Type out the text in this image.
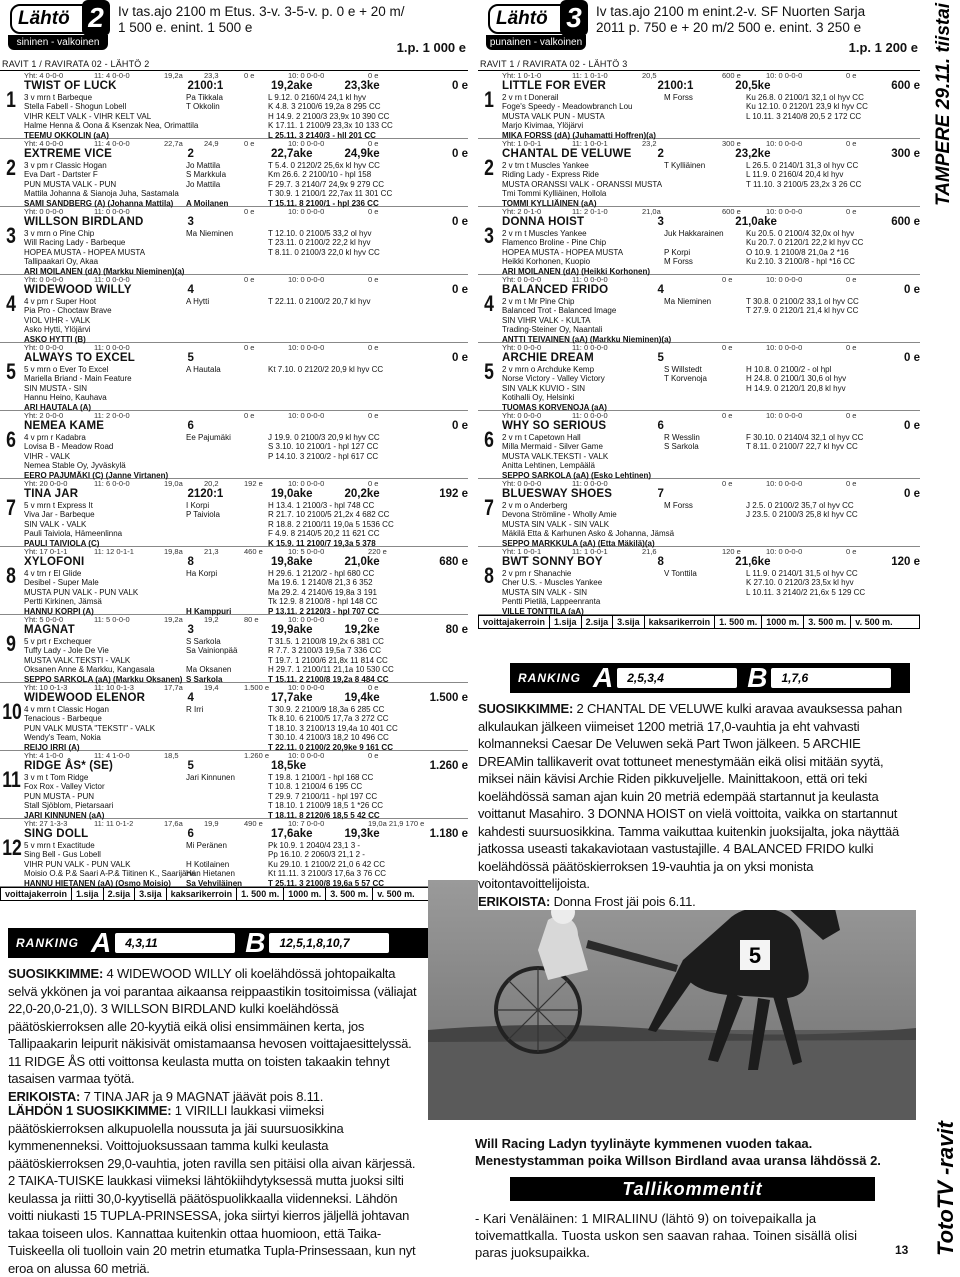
Lähtö 2
sininen - valkoinen
Iv tas.ajo 2100 m Etus. 3-v. 3-5-v. p. 0 e + 20 m/ 1 500 e. enint. 1 500 e
1.p. 1 000 e
RAVIT 1 / RAVIRATA 02 - LÄHTÖ 2
1
Yht: 4 0-0-0	11: 4 0-0-0	19,2a	23,3	0 e	10: 0 0-0-0	0 e
TWIST OF LUCK	2100:1	19,2ake	23,3ke	0 e
3 v mrn t Barbeque	Pa Tikkala	L 9.12. 0 2160/4 24,1 kl hyv
Stella Fabell - Shogun Lobell	T Okkolin	K 4.8. 3 2100/6 19,2a 8 295 CC
VIHR KELT VALK - VIHR KELT VAL	H 14.9. 2 2100/3 23,9x 10 390 CC
Halme Henna & Oona & Ksenzak Nea, Orimattila	K 17.11. 1 2100/9 23,3x 10 133 CC
TEEMU OKKOLIN (aA)	L 25.11. 3 2140/3 - hll 201 CC
2
Yht: 4 0-0-0	11: 4 0-0-0	22,7a	24,9	0 e	10: 0 0-0-0	0 e
EXTREME VICE	2	22,7ake	24,9ke	0 e
3 v pm r Classic Hogan	Jo Mattila	T 5.4. 0 2120/2 25,6x kl hyv CC
Eva Dart - Dartster F	S Markkula	Km 26.6. 2 2100/10 - hpl 158
PUN MUSTA VALK - PUN	Jo Mattila	F 29.7. 3 2140/7 24,9x 9 279 CC
Mattila Johanna & Sianoja Juha, Sastamala	T 30.9. 1 2100/1 22,7ax 11 301 CC
SAMI SANDBERG (A) (Johanna Mattila)	A Moilanen	T 15.11. 8 2100/1 - hpl 236 CC
3
Yht: 0 0-0-0	11: 0 0-0-0	0 e	10: 0 0-0-0	0 e
WILLSON BIRDLAND	3	0 e
3 v mrn o Pine Chip	Ma Nieminen	T 12.10. 0 2100/5 33,2 ol hyv
Will Racing Lady - Barbeque	T 23.11. 0 2100/2 22,2 kl hyv
HOPEA MUSTA - HOPEA MUSTA	T 8.11. 0 2100/3 22,0 kl hyv CC
Tallipaakari Oy, Akaa
ARI MOILANEN (dA) (Markku Nieminen)(a)
4
Yht: 0 0-0-0	11: 0 0-0-0	0 e	10: 0 0-0-0	0 e
WIDEWOOD WILLY	4	0 e
4 v prn r Super Hoot	A Hytti	T 22.11. 0 2100/2 20,7 kl hyv
Pia Pro - Choctaw Brave
VIOL VIHR - VALK
Asko Hytti, Ylöjärvi
ASKO HYTTI (B)
5
Yht: 0 0-0-0	11: 0 0-0-0	0 e	10: 0 0-0-0	0 e
ALWAYS TO EXCEL	5	0 e
5 v mrn o Ever To Excel	A Hautala	Kt 7.10. 0 2120/2 20,9 kl hyv CC
Mariella Briand - Main Feature
SIN MUSTA - SIN
Hannu Heino, Kauhava
ARI HAUTALA (A)
6
Yht: 2 0-0-0	11: 2 0-0-0	0 e	10: 0 0-0-0	0 e
NEMEA KAME	6	0 e
4 v prn r Kadabra	Ee Pajumäki	J 19.9. 0 2100/3 20,9 kl hyv CC
Lovisa B - Meadow Road	S 3.10. 10 2100/1 - hpl 127 CC
VIHR - VALK	P 14.10. 3 2100/2 - hpl 617 CC
Nemea Stable Oy, Jyväskylä
EERO PAJUMÄKI (C) (Janne Virtanen)
7
Yht: 20 0-0-0	11: 6 0-0-0	19,0a	20,2	192 e	10: 0 0-0-0	0 e
TINA JAR	2120:1	19,0ake	20,2ke	192 e
5 v mrn t Express It	I Korpi	H 13.4. 1 2100/3 - hpl 748 CC
Viva Jar - Barbeque	P Taiviola	R 21.7. 10 2100/5 21,2x 4 682 CC
SIN VALK - VALK	R 18.8. 2 2100/11 19,0a 5 1536 CC
Pauli Taiviola, Hämeenlinna	F 4.9. 8 2140/5 20,2 11 621 CC
PAULI TAIVIOLA (C)	K 15.9. 11 2100/7 19,3a 5 378
8
Yht: 17 0-1-1	11: 12 0-1-1	19,8a	21,3	460 e	10: 5 0-0-0	220 e
XYLOFONI	8	19,8ake	21,0ke	680 e
4 v trn r El Glide	Ha Korpi	H 29.6. 1 2120/2 - hpl 680 CC
Desibel - Super Male	Ma 19.6. 1 2140/8 21,3 6 352
MUSTA PUN VALK - PUN VALK	Ma 29.2. 4 2140/6 19,8a 3 191
Pertti Kirkinen, Jämsä	Tk 12.9. 8 2100/8 - hpl 148 CC
HANNU KORPI (A)	H Kamppuri	P 13.11. 2 2120/3 - hpl 707 CC
9
Yht: 5 0-0-0	11: 5 0-0-0	19,2a	19,2	80 e	10: 0 0-0-0	0 e
MAGNAT	3	19,9ake	19,2ke	80 e
5 v prt r Exchequer	S Sarkola	T 31.5. 1 2100/8 19,2x 6 381 CC
Tuffy Lady - Jole De Vie	Sa Vainionpää	R 7.7. 3 2100/3 19,5a 7 336 CC
MUSTA VALK.TEKSTI - VALK	T 19.7. 1 2100/6 21,8x 11 814 CC
Oksanen Anne & Markku, Kangasala	Ma Oksanen	H 29.7. 1 2100/11 21,1a 10 530 CC
SEPPO SARKOLA (aA) (Markku Oksanen) S Sarkola	T 15.11. 2 2100/8 19,2a 8 484 CC
10
Yht: 10 0-1-3	11: 10 0-1-3	17,7a	19,4	1.500 e	10: 0 0-0-0	0 e
WIDEWOOD ELENOR	4	17,7ake	19,4ke	1.500 e
4 v mrn t Classic Hogan	R Irri	T 30.9. 2 2100/9 18,3a 6 285 CC
Tenacious - Barbeque	Tk 8.10. 6 2100/5 17,7a 3 272 CC
PUN VALK MUSTA "TEKSTI" - VALK	T 18.10. 3 2100/13 19,4a 10 401 CC
Wendy's Team, Nokia	T 30.10. 4 2100/3 18,2 10 496 CC
REIJO IRRI (A)	T 22.11. 0 2100/2 20,9ke 9 161 CC
11
Yht: 4 1-0-0	11: 4 1-0-0	18,5	1.260 e	10: 0 0-0-0	0 e
RIDGE ÅS* (SE)	5	18,5ke	1.260 e
3 v m t Tom Ridge	Jari Kinnunen	T 19.8. 1 2100/1 - hpl 168 CC
Fox Rox - Valley Victor	T 10.8. 1 2100/4 6 195 CC
PUN MUSTA - PUN	T 29.9. 7 2100/11 - hpl 197 CC
Stall Sjöblom, Pietarsaari	T 18.10. 1 2100/9 18,5 1 *26 CC
JARI KINNUNEN (aA)	T 18.11. 8 2120/6 18,5 5 42 CC
12
Yht: 27 1-3-3	11: 11 0-1-2	17,6a	19,9	490 e	10: 7 0-0-0	19,0a 21,9 170 e
SING DOLL	6	17,6ake	19,3ke	1.180 e
5 v mrn t Exactitude	Mi Peränen	Pk 10.9. 1 2040/4 23,1 3 -
Sing Bell - Gus Lobell	Pp 16.10. 2 2060/3 21,1 2 -
VIHR PUN VALK - PUN VALK	H Kotilainen	Ku 29.10. 1 2100/2 21,0 6 42 CC
Moisio O.& P.& Saari A-P.& Tiitinen K., Saarijärvi
Han Hietanen	Kt 11.11. 3 2100/3 17,6a 3 76 CC
HANNU HIETANEN (aA) (Osmo Moisio)	Sa Vehviläinen	T 25.11. 3 2100/8 19,6a 5 57 CC
voittajakerroin	1.sija	2.sija	3.sija	kaksarikerroin	1. 500 m.	1000 m.	3. 500 m.	v. 500 m.
Lähtö 3
punainen - valkoinen
Iv tas.ajo 2100 m enint.2-v. SF Nuorten Sarja 2011 p. 750 e + 20 m/2 500 e. enint. 3 250 e
1.p. 1 200 e
RAVIT 1 / RAVIRATA 02 - LÄHTÖ 3
1
Yht: 1 0-1-0	11: 1 0-1-0	20,5	600 e	10: 0 0-0-0	0 e
LITTLE FOR EVER	2100:1	20,5ke	600 e
2 v rn t Donerail	M Forss	Ku 26.8. 0 2100/1 32,1 ol hyv CC
Foge's Speedy - Meadowbranch Lou	Ku 12.10. 0 2120/1 23,9 kl hyv CC
MUSTA VALK PUN - MUSTA	L 10.11. 3 2140/8 20,5 2 172 CC
Marjo Kivimaa, Ylöjärvi
MIKA FORSS (dA) (Juhamatti Hoffren)(a)
2
Yht: 1 0-0-1	11: 1 0-0-1	23,2	300 e	10: 0 0-0-0	0 e
CHANTAL DE VELUWE	2	23,2ke	300 e
2 v trn t Muscles Yankee	T Kylliäinen	L 26.5. 0 2140/1 31,3 ol hyv CC
Riding Lady - Express Ride	L 11.9. 0 2160/4 20,4 kl hyv
MUSTA ORANSSI VALK - ORANSSI MUSTA	T 11.10. 3 2100/5 23,2x 3 26 CC
Tmi Tommi Kylliäinen, Hollola
TOMMI KYLLIÄINEN (aA)
3
Yht: 2 0-1-0	11: 2 0-1-0	21,0a	600 e	10: 0 0-0-0	0 e
DONNA HOIST	3	21,0ake	600 e
2 v rn t Muscles Yankee	Juk Hakkarainen	Ku 20.5. 0 2100/4 32,0x ol hyv
Flamenco Broline - Pine Chip	Ku 20.7. 0 2120/1 22,2 kl hyv CC
HOPEA MUSTA - HOPEA MUSTA	P Korpi	O 10.9. 1 2100/8 21,0a 2 *16
Heikki Korhonen, Kuopio	M Forss	Ku 2.10. 3 2100/8 - hpl *16 CC
ARI MOILANEN (dA) (Heikki Korhonen)
4
Yht: 0 0-0-0	11: 0 0-0-0	0 e	10: 0 0-0-0	0 e
BALANCED FRIDO	4	0 e
2 v m t Mr Pine Chip	Ma Nieminen	T 30.8. 0 2100/2 33,1 ol hyv CC
Balanced Trot - Balanced Image	T 27.9. 0 2120/1 21,4 kl hyv CC
SIN VIHR VALK - KULTA
Trading-Steiner Oy, Naantali
ANTTI TEIVAINEN (aA) (Markku Nieminen)(a)
5
Yht: 0 0-0-0	11: 0 0-0-0	0 e	10: 0 0-0-0	0 e
ARCHIE DREAM	5	0 e
2 v mrn o Archduke Kemp	S Willstedt	H 10.8. 0 2100/2 - ol hpl
Norse Victory - Valley Victory	T Korvenoja	H 24.8. 0 2100/1 30,6 ol hyv
SIN VALK KUVIO - SIN	H 14.9. 0 2120/1 20,8 kl hyv
Kotihalli Oy, Helsinki
TUOMAS KORVENOJA (aA)
6
Yht: 0 0-0-0	11: 0 0-0-0	0 e	10: 0 0-0-0	0 e
WHY SO SERIOUS	6	0 e
2 v rn t Capetown Hall	R Wesslin	F 30.10. 0 2140/4 32,1 ol hyv CC
Milla Mermaid - Silver Game	S Sarkola	T 8.11. 0 2100/7 22,7 kl hyv CC
MUSTA VALK.TEKSTI - VALK
Anitta Lehtinen, Lempäälä
SEPPO SARKOLA (aA) (Esko Lehtinen)
7
Yht: 0 0-0-0	11: 0 0-0-0	0 e	10: 0 0-0-0	0 e
BLUESWAY SHOES	7	0 e
2 v m o Anderberg	M Forss	J 2.5. 0 2100/2 35,7 ol hyv CC
Devona Strömline - Wholly Amie	J 23.5. 0 2100/3 25,8 kl hyv CC
MUSTA SIN VALK - SIN VALK
Mäkilä Etta & Karhunen Asko & Johanna, Jämsä
SEPPO MARKKULA (aA) (Etta Mäkilä)(a)
8
Yht: 1 0-0-1	11: 1 0-0-1	21,6	120 e	10: 0 0-0-0	0 e
BWT SONNY BOY	8	21,6ke	120 e
2 v prn r Shanachie	V Tonttila	L 11.9. 0 2140/1 31,5 ol hyv CC
Cher U.S. - Muscles Yankee	K 27.10. 0 2120/3 23,5x kl hyv
MUSTA SIN VALK - SIN	L 10.11. 3 2140/2 21,6x 5 129 CC
Pentti Pietilä, Lappeenranta
VILLE TONTTILA (aA)
voittajakerroin	1.sija	2.sija	3.sija	kaksarikerroin	1. 500 m.	1000 m.	3. 500 m.	v. 500 m.
RANKING A	2,5,3,4	B	1,7,6
RANKING A	4,3,11	B	12,5,1,8,10,7
SUOSIKKIMME: 4 WIDEWOOD WILLY oli koelähdössä johtopaikalta selvä ykkönen ja voi parantaa aikaansa reippaastikin tositoimissa (väliajat 22,0-20,0-21,0). 3 WILLSON BIRDLAND kulki koelähdössä päätöskierroksen alle 20-kyytiä eikä olisi ensimmäinen kerta, jos Tallipaakarin leipurit näkisivät omistamaansa hevosen voittajaesittelyssä. 11 RIDGE ÅS otti voittonsa keulasta mutta on toisten takaakin tehnyt tasaisen varmaa työtä.
ERIKOISTA: 7 TINA JAR ja 9 MAGNAT jäävät pois 8.11.
LÄHDÖN 1 SUOSIKKIMME: 1 VIRILLI laukkasi viimeksi päätöskierroksen alkupuolella noussuta ja jäi suursuosikkina kymmenenneksi. Voittojuoksussaan tamma kulki keulasta päätöskierroksen 29,0-vauhtia, joten ravilla sen pitäisi olla aivan kärjessä. 2 TAIKA-TUISKE laukkasi viimeksi lähtökiihdytyksessä mutta juoksi silti keulassa ja riitti 30,0-kyytisellä päätöspuolikkaalla viidenneksi. Lähdön voitti niukasti 15 TUPLA-PRINSESSA, joka siirtyi kierros jäljellä johtavan takaa toiseen ulos. Kannattaa kuitenkin ottaa huomioon, että Taika-Tuiskeella oli tuolloin vain 20 metrin etumatka Tupla-Prinsessaan, kun nyt eroa on alussa 60 metriä.
SUOSIKKIMME: 2 CHANTAL DE VELUWE kulki aravaa avauksessa pahan alkulaukan jälkeen viimeiset 1200 metriä 17,0-vauhtia ja eht vahvasti kolmanneksi Caesar De Veluwen sekä Part Twon jälkeen. 5 ARCHIE DREAMin tallikaverit ovat tottuneet menestymään eikä olisi mitään syytä, miksei näin kävisi Archie Riden pikkuveljelle. Mainittakoon, että ori teki koelähdössä saman ajan kuin 20 metriä edempää startannut ja keulasta voittanut Masahiro. 3 DONNA HOIST on vielä voittoita, vaikka on startannut kahdesti suursuosikkina. Tamma vaikuttaa kuitenkin juoksijalta, joka näyttää jatkossa useasti takakaviotaan vastustajille. 4 BALANCED FRIDO kulki koelähdössä päätöskierroksen 19-vauhtia ja on yksi monista voitontavoittelijoista.
ERIKOISTA: Donna Frost jäi pois 6.11.
5
Will Racing Ladyn tyylinäyte kymmenen vuoden takaa. Menestystamman poika Willson Birdland avaa uransa lähdössä 2.
Tallikommentit
- Kari Venäläinen: 1 MIRALIINU (lähtö 9) on toivepaikalla ja toivemattkalla. Tuosta uskon sen saavan rahaa. Toinen sisällä olisi paras juoksupaikka.
TAMPERE 29.11. tiistai
TotoTV -ravit
13
